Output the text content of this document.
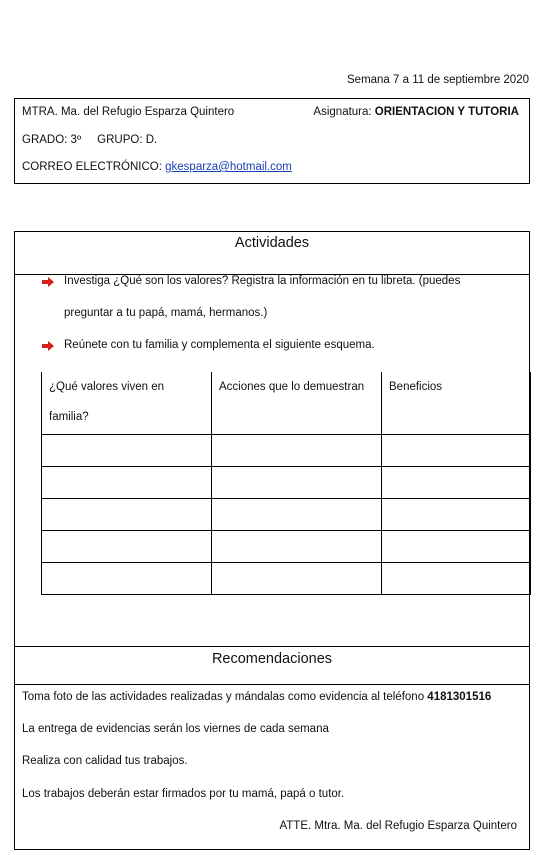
Semana 7 a 11 de septiembre 2020
MTRA. Ma. del Refugio Esparza Quintero	Asignatura: ORIENTACION Y TUTORIA
GRADO: 3º GRUPO: D.
CORREO ELECTRÓNICO: gkesparza@hotmail.com
Actividades
Investiga ¿Qué son los valores? Registra la información en tu libreta. (puedes
preguntar a tu papá, mamá, hermanos.)
Reúnete con tu familia y complementa el siguiente esquema.
¿Qué valores viven en
familia?	Acciones que lo demuestran	Beneficios

Recomendaciones
Toma foto de las actividades realizadas y mándalas como evidencia al teléfono 4181301516
La entrega de evidencias serán los viernes de cada semana
Realiza con calidad tus trabajos.
Los trabajos deberán estar firmados por tu mamá, papá o tutor.
ATTE. Mtra. Ma. del Refugio Esparza Quintero
